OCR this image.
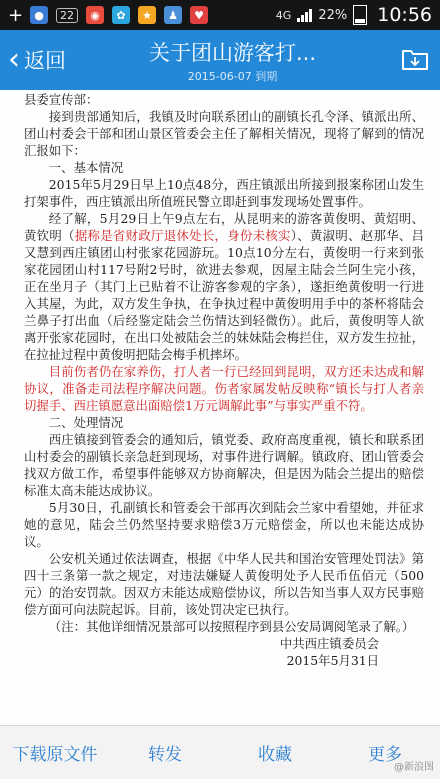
+	●	22	◉	✿	★	♟	♥	4G 22% 10:56
‹ 返回	关于团山游客打...
2015-06-07 到期

县委宣传部：

接到贵部通知后，我镇及时向联系团山的副镇长孔令泽、镇派出所、团山村委会干部和团山景区管委会主任了解相关情况，现将了解到的情况汇报如下：

一、基本情况

2015年5月29日早上10点48分，西庄镇派出所接到报案称团山发生打架事件，西庄镇派出所值班民警立即赶到事发现场处置事件。

经了解，5月29日上午9点左右，从昆明来的游客黄俊明、黄炤明、黄钦明（据称是省财政厅退休处长，身份未核实）、黄淑明、赵那华、吕又慧到西庄镇团山村张家花园游玩。10点10分左右，黄俊明一行来到张家花园团山村117号附2号时，欲进去参观，因屋主陆会兰阿生完小孩，正在坐月子（其门上已贴着不让游客参观的字条），遂拒绝黄俊明一行进入其屋，为此，双方发生争执，在争执过程中黄俊明用手中的茶杯将陆会兰鼻子打出血（后经鉴定陆会兰伤情达到轻微伤）。此后，黄俊明等人欲离开张家花园时，在出口处被陆会兰的妹妹陆会梅拦住，双方发生拉扯，在拉扯过程中黄俊明把陆会梅手机摔坏。

目前伤者仍在家养伤，打人者一行已经回到昆明，双方还未达成和解协议，准备走司法程序解决问题。伤者家属发帖反映称“镇长与打人者亲切握手、西庄镇愿意出面赔偿1万元调解此事”与事实严重不符。

二、处理情况

西庄镇接到管委会的通知后，镇党委、政府高度重视，镇长和联系团山村委会的副镇长亲急赶到现场，对事件进行调解。镇政府、团山管委会找双方做工作，希望事件能够双方协商解决，但是因为陆会兰提出的赔偿标准太高未能达成协议。

5月30日，孔副镇长和管委会干部再次到陆会兰家中看望她，并征求她的意见，陆会兰仍然坚持要求赔偿3万元赔偿金，所以也未能达成协议。

公安机关通过依法调查，根据《中华人民共和国治安管理处罚法》第四十三条第一款之规定，对违法嫌疑人黄俊明处予人民币伍佰元（500元）的治安罚款。因双方未能达成赔偿协议，所以告知当事人双方民事赔偿方面可向法院起诉。目前，该处罚决定已执行。

（注：其他详细情况景部可以按照程序到县公安局调阅笔录了解。）

中共西庄镇委员会

2015年5月31日

下载原文件	转发	收藏	更多
@新浪图
